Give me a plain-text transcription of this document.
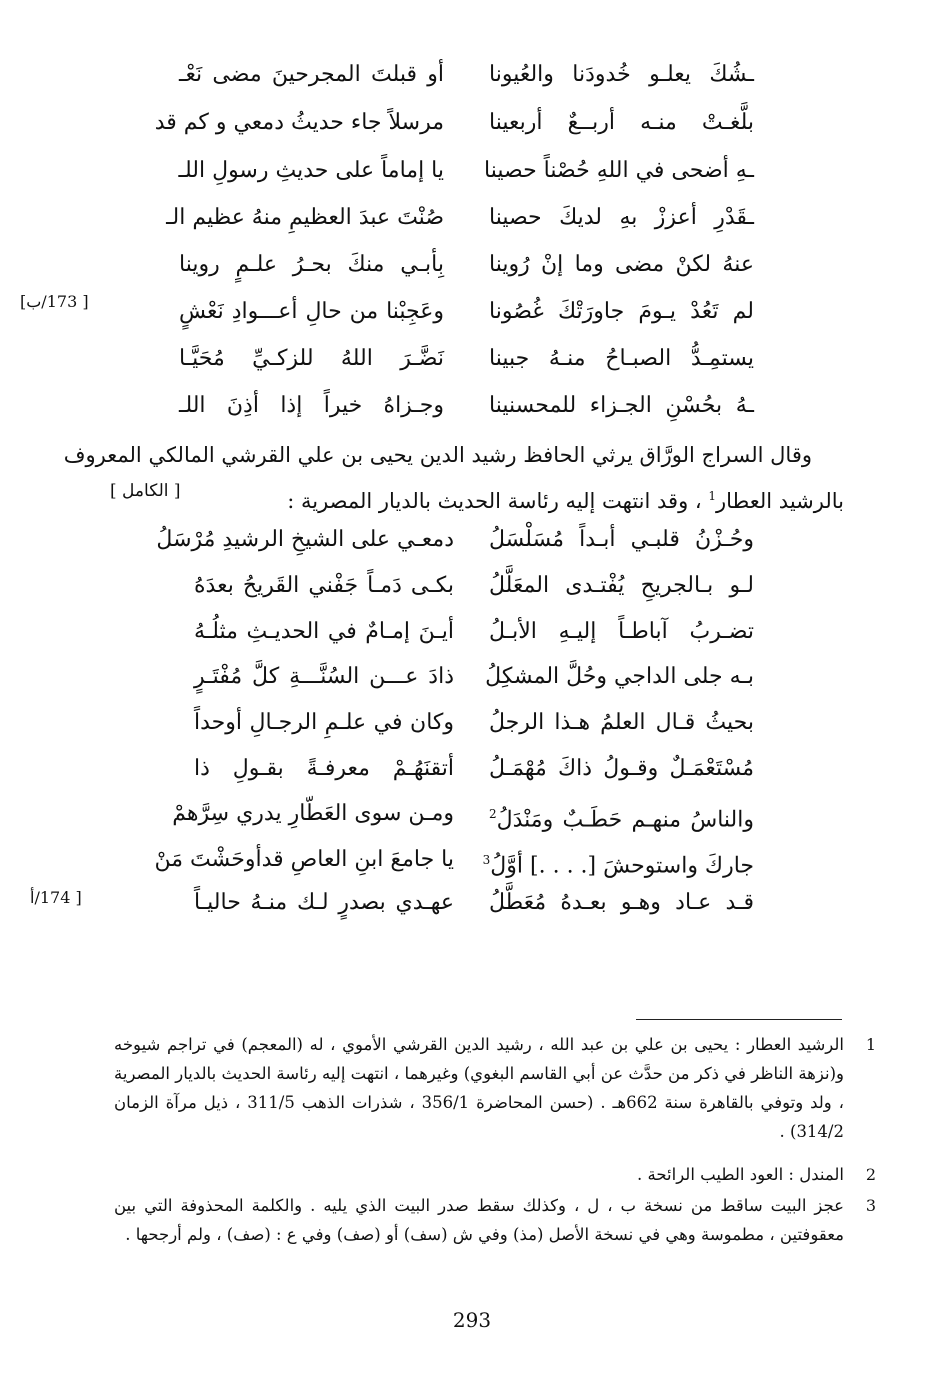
أو قبلتَ المجرحينَ مضى نَعْـ ـشُكَ يعلـو خُدودَنا والعُيونا
مرسلاً جاء حديثُ دمعي و كم قد بلَّغـتْ منـه أربــعٌ أربعينا
يا إماماً على حديثِ رسولِ اللـ ـهِ أضحى في اللهِ حُصْناً حصينا
صُنْتَ عبدَ العظيمِ منهُ عظيم الـ ـقَدْرِ أعززْ بهِ لديكَ حصينا
بِأبـي منكَ بحـرُ علـمٍ روينا عنهُ لكنْ مضى وما إنْ رُوينا
وعَجِبْنا من حالِ أعـــوادِ نَعْشٍ لم تَعُدْ يـومَ جاورَتْكَ غُصُونا
نَضَّـرَ اللهُ للزكـيِّ مُحَيَّـا يستمِـدُّ الصبـاحُ منـهُ جبينا
وجـزاهُ خيراً إذا أذِنَ اللـ ـهُ بحُسْنِ الجـزاء للمحسنينا
[ 173/ب]
وقال السراج الورَّاق يرثي الحافظ رشيد الدين يحيى بن علي القرشي المالكي المعروف
بالرشيد العطار$^1$ ، وقد انتهت إليه رئاسة الحديث بالديار المصرية :
[ الكامل ]
دمعـي على الشيخِ الرشيدِ مُرْسَلُ وحُـزْنُ قلبـي أبـداً مُسَلْسَلُ
بكـى دَمـاً جَفْني القَريحُ بعدَهُ لـو بـالجريحِ يُفْتـدى المعَلَّلُ
أيـنَ إمـامٌ في الحديـثِ مثلُـهُ تضـربُ آباطـاً إليـهِ الأبـلُ
ذادَ عـــن السُنَّـــةِ كلَّ مُفْتَـرٍ بـه جلى الداجي وحُلَّ المشكِلُ
وكان في علـمِ الرجـالِ أوحداً بحيثُ قـال العلمُ هـذا الرجلُ
أتقنَهُـمْ معرفـةً بقـولِ ذا مُسْتَعْمَـلٌ وقـولُ ذاكَ مُهْمَـلُ
ومـن سوى العَطّارِ يدري سِرَّهمْ	والناسُ منهـم حَطَـبٌ ومَنْدَلُ$^2$
يا جامعَ ابنِ العاصِ قدأوحَشْتَ مَنْ جاركَ واستوحشَ [. . . .] أوَّلُ$^3$
عهـدي بصدرٍ لـك منـهُ حاليـاً قـد عـاد وهـو بعـدهُ مُعَطَّلُ
[ 174/أ
1
الرشيد العطار : يحيى بن علي بن عبد الله ، رشيد الدين القرشي الأموي ، له (المعجم) في تراجم شيوخه و(نزهة الناظر في ذكر من حدَّث عن أبي القاسم البغوي) وغيرهما ، انتهت إليه رئاسة الحديث بالديار المصرية ، ولد وتوفي بالقاهرة سنة 662هـ . (حسن المحاضرة 356/1 ، شذرات الذهب 311/5 ، ذيل مرآة الزمان 314/2) .
2
المندل : العود الطيب الرائحة .
3
عجز البيت ساقط من نسخة ب ، ل ، وكذلك سقط صدر البيت الذي يليه . والكلمة المحذوفة التي بين معقوفتين ، مطموسة وهي في نسخة الأصل (مذ) وفي ش (سف) أو (صف) وفي ع : (صف) ، ولم أرجحها .
293
